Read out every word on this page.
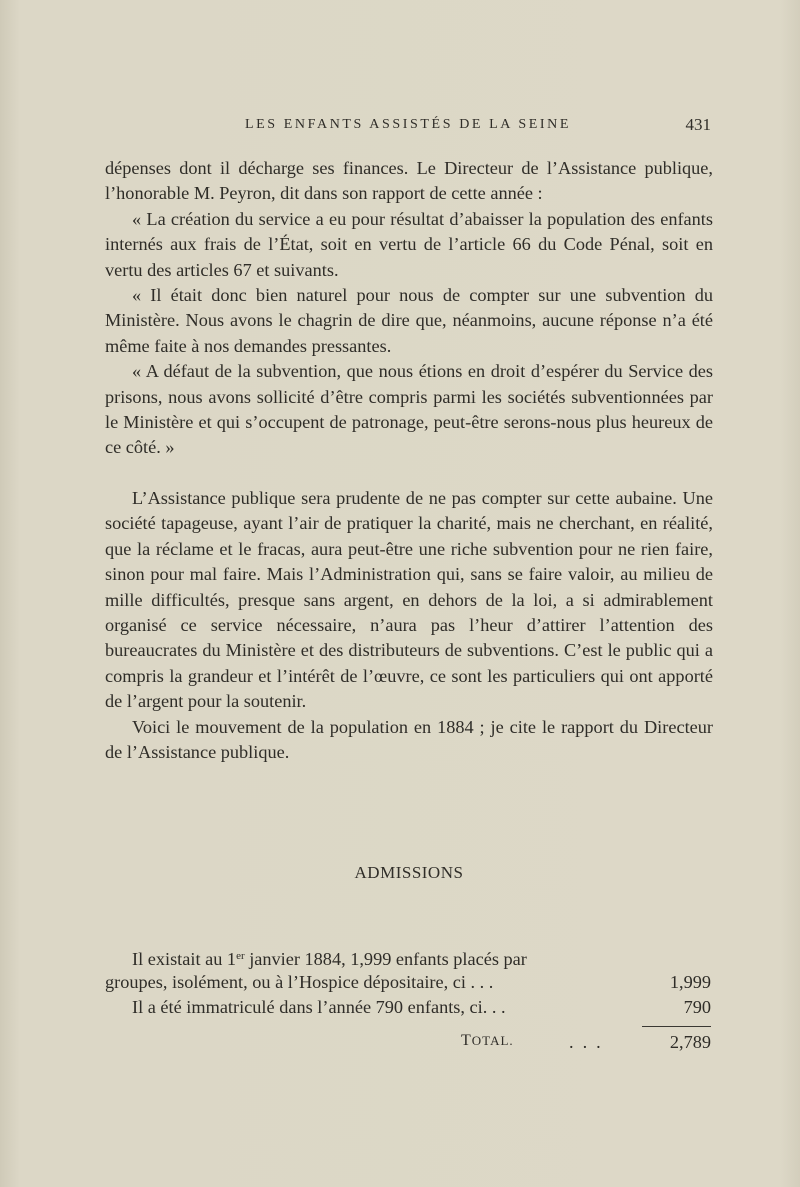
LES ENFANTS ASSISTÉS DE LA SEINE	431

dépenses dont il décharge ses finances. Le Directeur de l’Assistance publique, l’honorable M. Peyron, dit dans son rapport de cette année :

« La création du service a eu pour résultat d’abaisser la population des enfants internés aux frais de l’État, soit en vertu de l’article 66 du Code Pénal, soit en vertu des articles 67 et suivants.

« Il était donc bien naturel pour nous de compter sur une subvention du Ministère. Nous avons le chagrin de dire que, néanmoins, aucune réponse n’a été même faite à nos demandes pressantes.

« A défaut de la subvention, que nous étions en droit d’espérer du Service des prisons, nous avons sollicité d’être compris parmi les sociétés subventionnées par le Ministère et qui s’occupent de patronage, peut-être serons-nous plus heureux de ce côté. »

L’Assistance publique sera prudente de ne pas compter sur cette aubaine. Une société tapageuse, ayant l’air de pratiquer la charité, mais ne cherchant, en réalité, que la réclame et le fracas, aura peut-être une riche subvention pour ne rien faire, sinon pour mal faire. Mais l’Administration qui, sans se faire valoir, au milieu de mille difficultés, presque sans argent, en dehors de la loi, a si admirablement organisé ce service nécessaire, n’aura pas l’heur d’attirer l’attention des bureaucrates du Ministère et des distributeurs de subventions. C’est le public qui a compris la grandeur et l’intérêt de l’œuvre, ce sont les particuliers qui ont apporté de l’argent pour la soutenir.

Voici le mouvement de la population en 1884 ; je cite le rapport du Directeur de l’Assistance publique.

ADMISSIONS
Il existait au 1er janvier 1884, 1,999 enfants placés par
groupes, isolément, ou à l’Hospice dépositaire, ci . . .	1,999
Il a été immatriculé dans l’année 790 enfants, ci. . .	790
TOTAL.	...	2,789
